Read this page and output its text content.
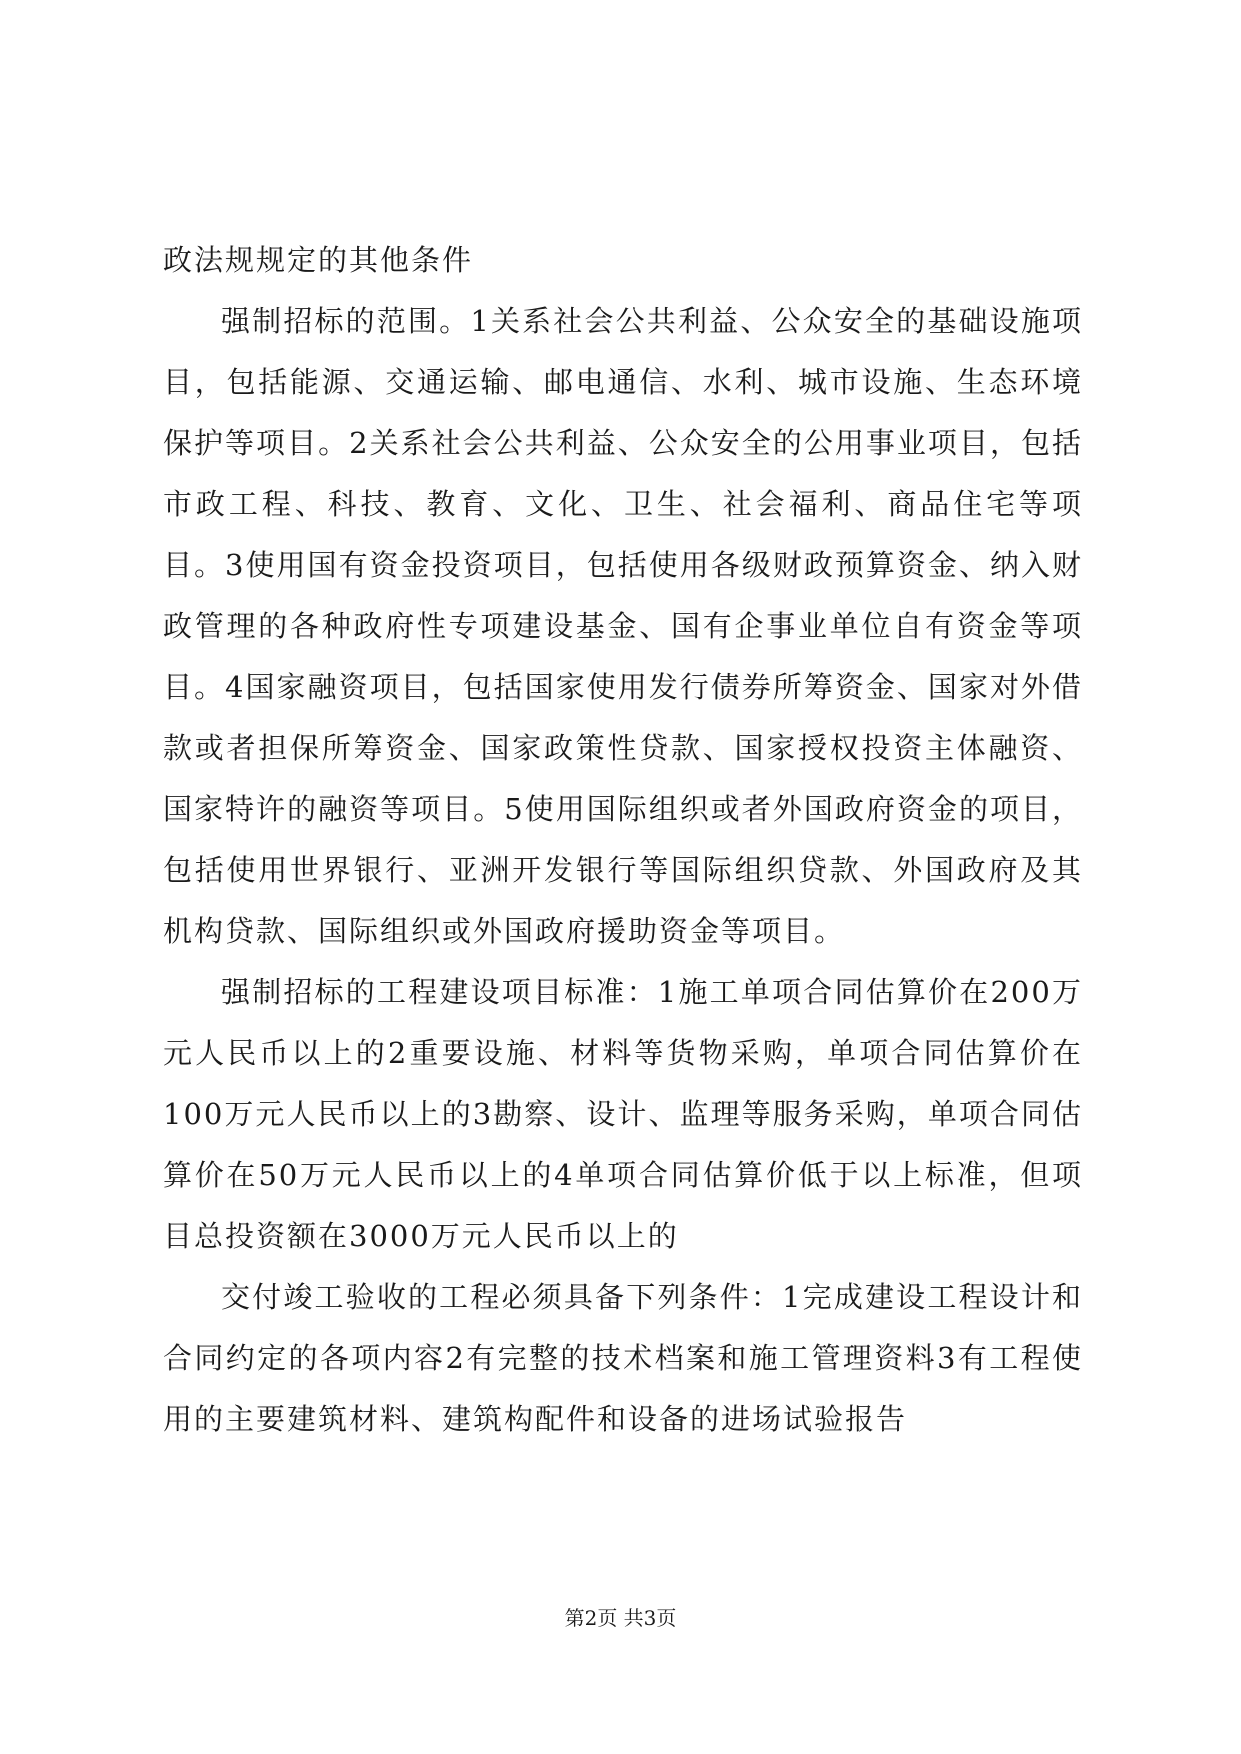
政法规规定的其他条件

强制招标的范围。1关系社会公共利益、公众安全的基础设施项目，包括能源、交通运输、邮电通信、水利、城市设施、生态环境保护等项目。2关系社会公共利益、公众安全的公用事业项目，包括市政工程、科技、教育、文化、卫生、社会福利、商品住宅等项目。3使用国有资金投资项目，包括使用各级财政预算资金、纳入财政管理的各种政府性专项建设基金、国有企事业单位自有资金等项目。4国家融资项目，包括国家使用发行债券所筹资金、国家对外借款或者担保所筹资金、国家政策性贷款、国家授权投资主体融资、国家特许的融资等项目。5使用国际组织或者外国政府资金的项目，包括使用世界银行、亚洲开发银行等国际组织贷款、外国政府及其机构贷款、国际组织或外国政府援助资金等项目。

强制招标的工程建设项目标准：1施工单项合同估算价在200万元人民币以上的2重要设施、材料等货物采购，单项合同估算价在100万元人民币以上的3勘察、设计、监理等服务采购，单项合同估算价在50万元人民币以上的4单项合同估算价低于以上标准，但项目总投资额在3000万元人民币以上的

交付竣工验收的工程必须具备下列条件：1完成建设工程设计和合同约定的各项内容2有完整的技术档案和施工管理资料3有工程使用的主要建筑材料、建筑构配件和设备的进场试验报告

第2页 共3页
